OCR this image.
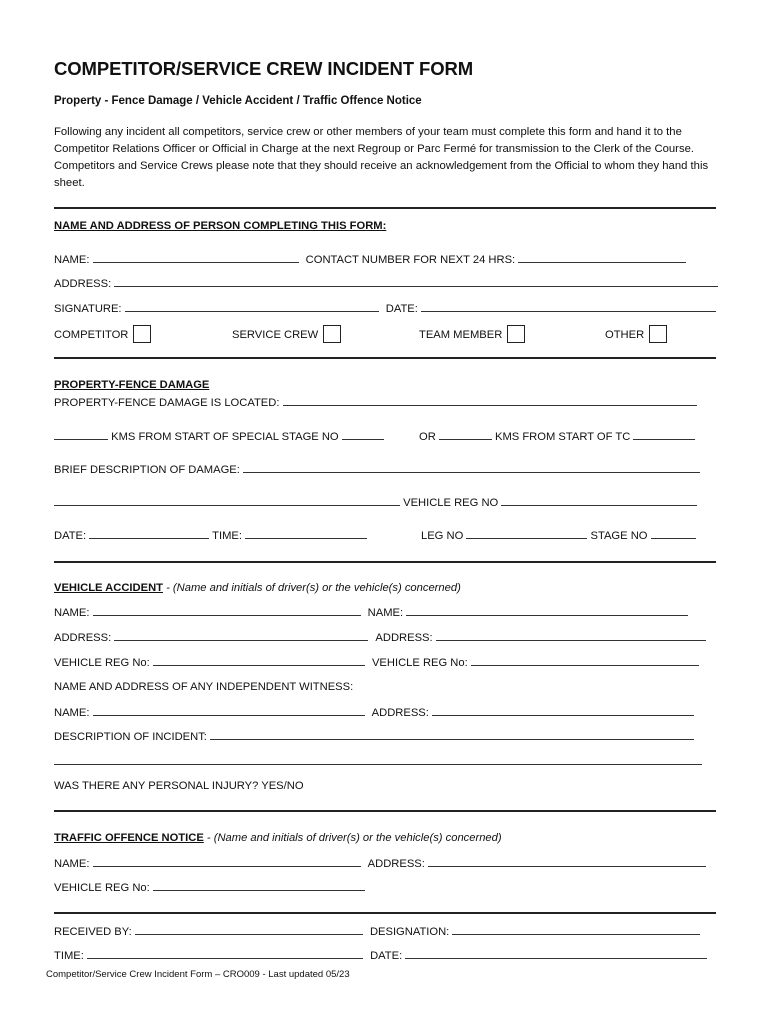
COMPETITOR/SERVICE CREW INCIDENT FORM
Property - Fence Damage / Vehicle Accident / Traffic Offence Notice
Following any incident all competitors, service crew or other members of your team must complete this form and hand it to the Competitor Relations Officer or Official in Charge at the next Regroup or Parc Fermé for transmission to the Clerk of the Course. Competitors and Service Crews please note that they should receive an acknowledgement from the Official to whom they hand this sheet.
NAME AND ADDRESS OF PERSON COMPLETING THIS FORM:
NAME:	CONTACT NUMBER FOR NEXT 24 HRS:
ADDRESS:
SIGNATURE:	DATE:
COMPETITOR	SERVICE CREW	TEAM MEMBER	OTHER
PROPERTY-FENCE DAMAGE
PROPERTY-FENCE DAMAGE IS LOCATED:
KMS FROM START OF SPECIAL STAGE NO	OR	KMS FROM START OF TC
BRIEF DESCRIPTION OF DAMAGE:
VEHICLE REG NO
DATE:	TIME:	LEG NO	STAGE NO
VEHICLE ACCIDENT - (Name and initials of driver(s) or the vehicle(s) concerned)
NAME:	NAME:
ADDRESS:	ADDRESS:
VEHICLE REG No:	VEHICLE REG No:
NAME AND ADDRESS OF ANY INDEPENDENT WITNESS:
NAME:	ADDRESS:
DESCRIPTION OF INCIDENT:
WAS THERE ANY PERSONAL INJURY? YES/NO
TRAFFIC OFFENCE NOTICE - (Name and initials of driver(s) or the vehicle(s) concerned)
NAME:	ADDRESS:
VEHICLE REG No:
RECEIVED BY:	DESIGNATION:
TIME:	DATE:
Competitor/Service Crew Incident Form – CRO009 - Last updated 05/23
